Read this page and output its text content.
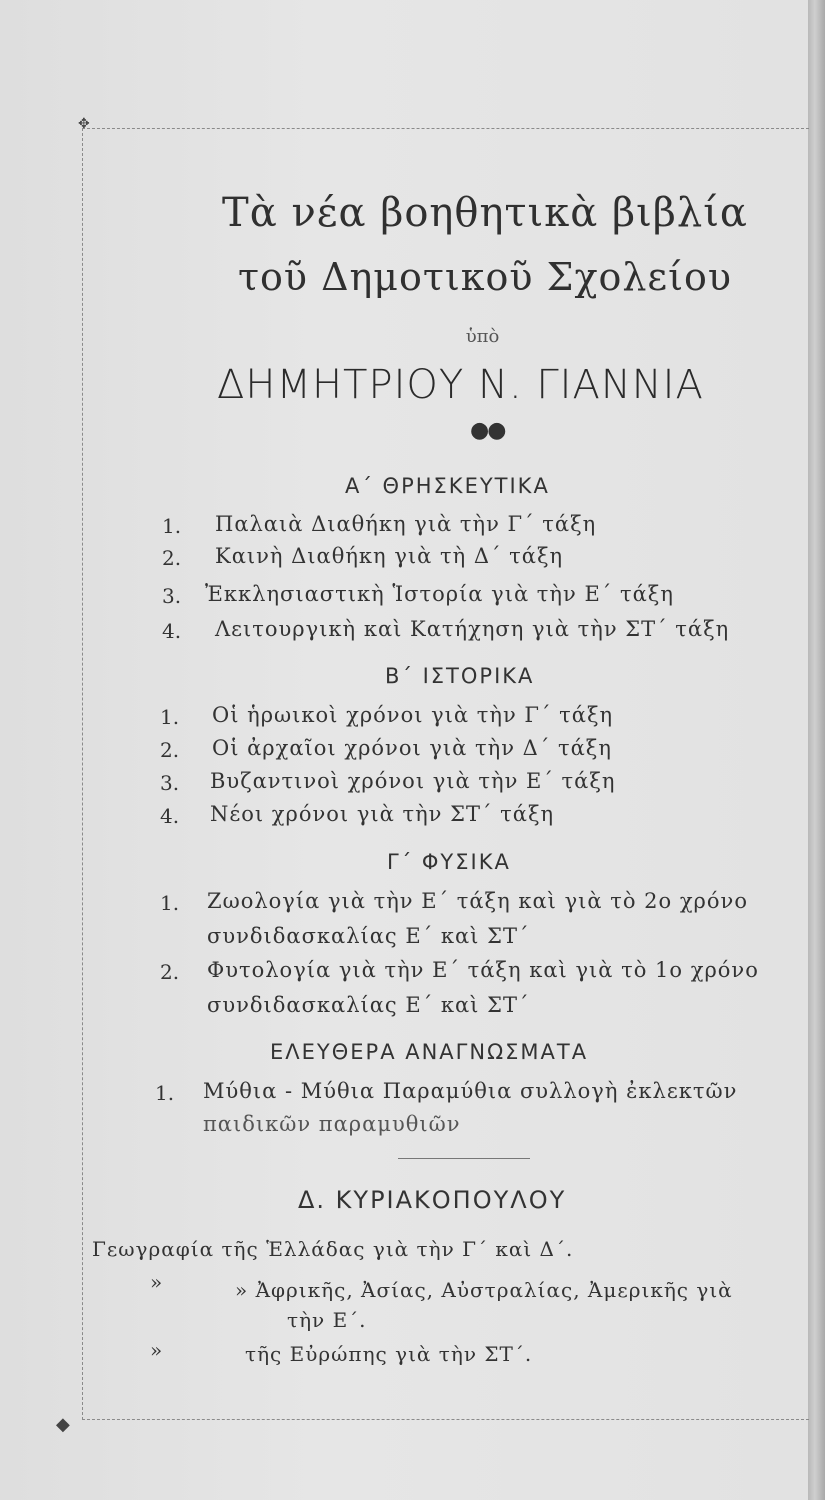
✥
◆
Τὰ νέα βοηθητικὰ βιβλία
τοῦ Δημοτικοῦ Σχολείου
ὑπὸ
ΔΗΜΗΤΡΙΟΥ Ν. ΓΙΑΝΝΙΑ
●●
Α΄ ΘΡΗΣΚΕΥΤΙΚΑ
1. Παλαιὰ Διαθήκη γιὰ τὴν Γ΄ τάξη
2. Καινὴ Διαθήκη γιὰ τὴ Δ΄ τάξη
3. Ἐκκλησιαστικὴ Ἱστορία γιὰ τὴν Ε΄ τάξη
4. Λειτουργικὴ καὶ Κατήχηση γιὰ τὴν ΣΤ΄ τάξη
Β΄ ΙΣΤΟΡΙΚΑ
1. Οἱ ἡρωικοὶ χρόνοι γιὰ τὴν Γ΄ τάξη
2. Οἱ ἀρχαῖοι χρόνοι γιὰ τὴν Δ΄ τάξη
3. Βυζαντινοὶ χρόνοι γιὰ τὴν Ε΄ τάξη
4. Νέοι χρόνοι γιὰ τὴν ΣΤ΄ τάξη
Γ΄ ΦΥΣΙΚΑ
1. Ζωολογία γιὰ τὴν Ε΄ τάξη καὶ γιὰ τὸ 2ο χρόνο
συνδιδασκαλίας Ε΄ καὶ ΣΤ΄
2. Φυτολογία γιὰ τὴν Ε΄ τάξη καὶ γιὰ τὸ 1ο χρόνο
συνδιδασκαλίας Ε΄ καὶ ΣΤ΄
ΕΛΕΥΘΕΡΑ ΑΝΑΓΝΩΣΜΑΤΑ
1. Μύθια - Μύθια Παραμύθια συλλογὴ ἐκλεκτῶν
παιδικῶν παραμυθιῶν
Δ. ΚΥΡΙΑΚΟΠΟΥΛΟΥ
Γεωγραφία τῆς Ἑλλάδας γιὰ τὴν Γ΄ καὶ Δ΄.
»	» Ἀφρικῆς, Ἀσίας, Αὐστραλίας, Ἀμερικῆς γιὰ
τὴν Ε΄.
»	τῆς Εὐρώπης γιὰ τὴν ΣΤ΄.
